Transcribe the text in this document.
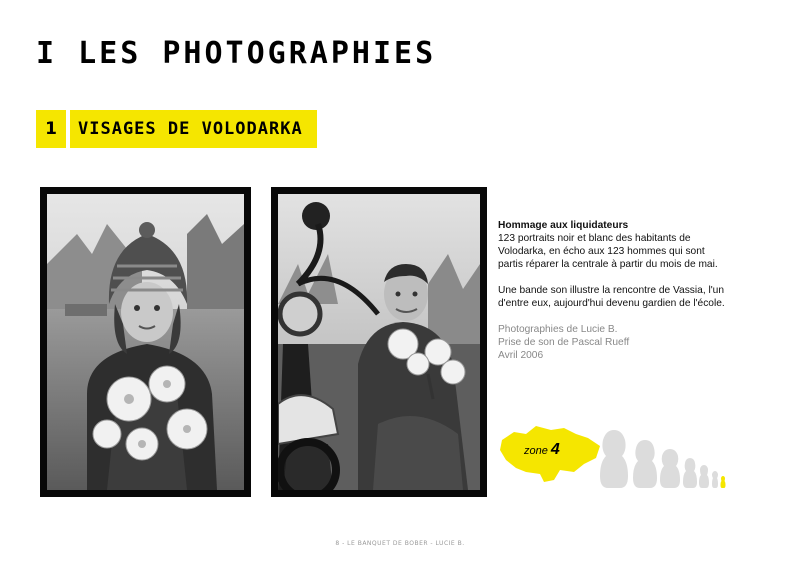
I LES PHOTOGRAPHIES
1	VISAGES DE VOLODARKA

Hommage aux liquidateurs
123 portraits noir et blanc des habitants de Volodarka, en écho aux 123 hommes qui sont partis réparer la centrale à partir du mois de mai.

Une bande son illustre la rencontre de Vassia, l'un d'entre eux, aujourd'hui devenu gardien de l'école.

Photographies de Lucie B.
Prise de son de Pascal Rueff
Avril 2006

zone 4
8 - LE BANQUET DE BOBER - LUCIE B.
